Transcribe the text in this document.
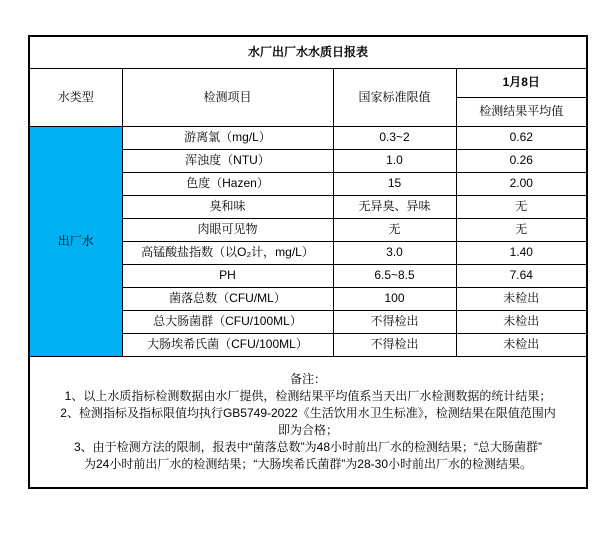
水厂出厂水水质日报表			
水类型	检测项目	国家标准限值	1月8日
			检测结果平均值
出厂水	游离氯（mg/L）	0.3~2	0.62
	浑浊度（NTU）	1.0	0.26
	色度（Hazen）	15	2.00
	臭和味	无异臭、异味	无
	肉眼可见物	无	无
	高锰酸盐指数（以O₂计，mg/L）	3.0	1.40
	PH	6.5~8.5	7.64
	菌落总数（CFU/ML）	100	未检出
	总大肠菌群（CFU/100ML）	不得检出	未检出
	大肠埃希氏菌（CFU/100ML）	不得检出	未检出

备注：
1、以上水质指标检测数据由水厂提供，检测结果平均值系当天出厂水检测数据的统计结果；
2、检测指标及指标限值均执行GB5749-2022《生活饮用水卫生标准》，检测结果在限值范围内
即为合格；
3、由于检测方法的限制，报表中“菌落总数”为48小时前出厂水的检测结果；“总大肠菌群”
为24小时前出厂水的检测结果；“大肠埃希氏菌群”为28-30小时前出厂水的检测结果。
